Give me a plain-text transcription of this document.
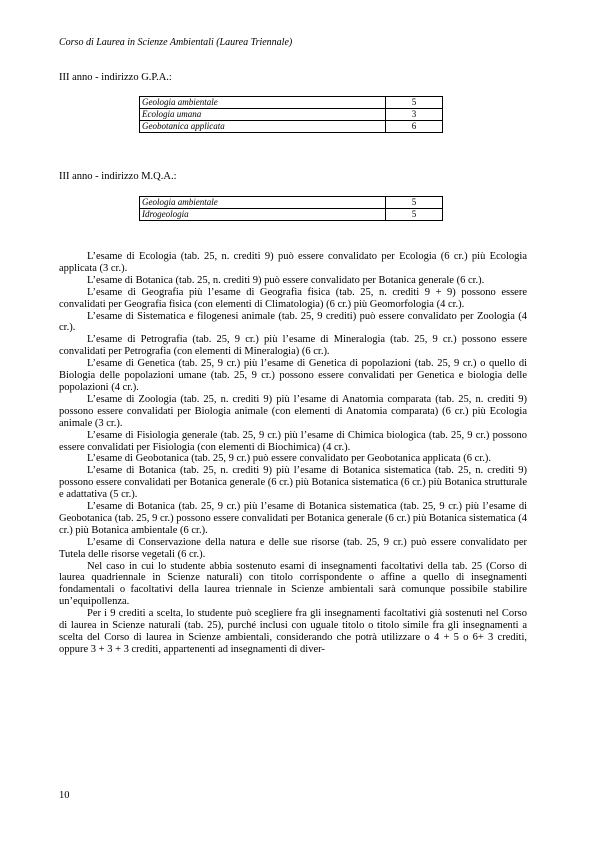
Corso di Laurea in Scienze Ambientali (Laurea Triennale)
III anno - indirizzo G.P.A.:
Geologia ambientale	5
Ecologia umana	3
Geobotanica applicata	6
III anno - indirizzo M.Q.A.:
Geologia ambientale	5
Idrogeologia	5

L’esame di Ecologia (tab. 25, n. crediti 9) può essere convalidato per Ecologia (6 cr.) più Ecologia applicata (3 cr.).

L’esame di Botanica (tab. 25, n. crediti 9) può essere convalidato per Botanica generale (6 cr.).

L’esame di Geografia più l’esame di Geografia fisica (tab. 25, n. crediti 9 + 9) possono essere convalidati per Geografia fisica (con elementi di Climatologia) (6 cr.) più Geomorfologia (4 cr.).

L’esame di Sistematica e filogenesi animale (tab. 25, 9 crediti) può essere convalidato per Zoologia (4 cr.).

L’esame di Petrografia (tab. 25, 9 cr.) più l’esame di Mineralogia (tab. 25, 9 cr.) possono essere convalidati per Petrografia (con elementi di Mineralogia) (6 cr.).

L’esame di Genetica (tab. 25, 9 cr.) più l’esame di Genetica di popolazioni (tab. 25, 9 cr.) o quello di Biologia delle popolazioni umane (tab. 25, 9 cr.) possono essere convalidati per Genetica e biologia delle popolazioni (4 cr.).

L’esame di Zoologia (tab. 25, n. crediti 9) più l’esame di Anatomia comparata (tab. 25, n. crediti 9) possono essere convalidati per Biologia animale (con elementi di Anatomia comparata) (6 cr.) più Ecologia animale (3 cr.).

L’esame di Fisiologia generale (tab. 25, 9 cr.) più l’esame di Chimica biologica (tab. 25, 9 cr.) possono essere convalidati per Fisiologia (con elementi di Biochimica) (4 cr.).

L’esame di Geobotanica (tab. 25, 9 cr.) può essere convalidato per Geobotanica applicata (6 cr.).

L’esame di Botanica (tab. 25, n. crediti 9) più l’esame di Botanica sistematica (tab. 25, n. crediti 9) possono essere convalidati per Botanica generale (6 cr.) più Botanica sistematica (6 cr.) più Botanica strutturale e adattativa (5 cr.).

L’esame di Botanica (tab. 25, 9 cr.) più l’esame di Botanica sistematica (tab. 25, 9 cr.) più l’esame di Geobotanica (tab. 25, 9 cr.) possono essere convalidati per Botanica generale (6 cr.) più Botanica sistematica (4 cr.) più Botanica ambientale (6 cr.).

L’esame di Conservazione della natura e delle sue risorse (tab. 25, 9 cr.) può essere convalidato per Tutela delle risorse vegetali (6 cr.).

Nel caso in cui lo studente abbia sostenuto esami di insegnamenti facoltativi della tab. 25 (Corso di laurea quadriennale in Scienze naturali) con titolo corrispondente o affine a quello di insegnamenti fondamentali o facoltativi della laurea triennale in Scienze ambientali sarà comunque possibile stabilire un’equipollenza.

Per i 9 crediti a scelta, lo studente può scegliere fra gli insegnamenti facoltativi già sostenuti nel Corso di laurea in Scienze naturali (tab. 25), purché inclusi con uguale titolo o titolo simile fra gli insegnamenti a scelta del Corso di laurea in Scienze ambientali, considerando che potrà utilizzare o 4 + 5 o 6+ 3 crediti, oppure 3 + 3 + 3 crediti, appartenenti ad insegnamenti di diver-

10
